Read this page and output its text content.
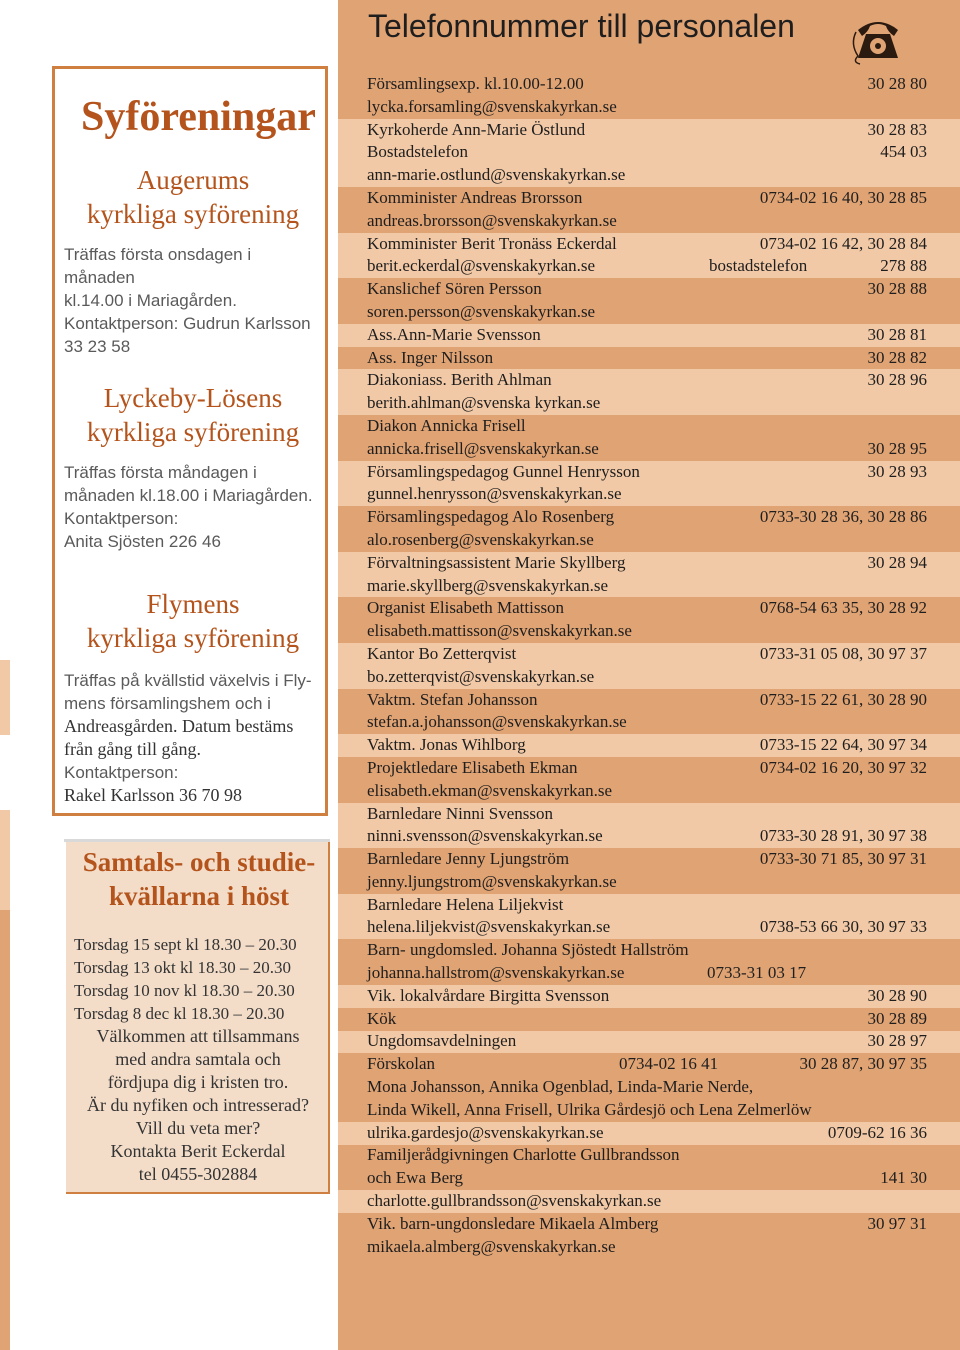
Syföreningar
Augerums
kyrkliga syförening

Träffas första onsdagen i månaden

kl.14.00 i Mariagården.

Kontaktperson: Gudrun Karlsson

33 23 58

Lyckeby-Lösens
kyrkliga syförening

Träffas första måndagen i

månaden kl.18.00 i Mariagården.

Kontaktperson:

Anita Sjösten 226 46

Flymens
kyrkliga syförening

Träffas på kvällstid växelvis i Fly-

mens församlingshem och i

Andreasgården. Datum bestäms

från gång till gång.

Kontaktperson:

Rakel Karlsson 36 70 98

Samtals- och studie-
kvällarna i höst
Torsdag 15 sept kl 18.30 – 20.30
Torsdag 13 okt kl 18.30 – 20.30
Torsdag 10 nov kl 18.30 – 20.30
Torsdag 8 dec kl 18.30 – 20.30

Välkommen att tillsammans
med andra samtala och
fördjupa dig i kristen tro.
Är du nyfiken och intresserad?
Vill du veta mer?
Kontakta Berit Eckerdal
tel 0455-302884

Telefonnummer till personalen
Församlingsexp. kl.10.00-12.00	30 28 80
lycka.forsamling@svenskakyrkan.se
Kyrkoherde Ann-Marie Östlund	30 28 83
Bostadstelefon	454 03
ann-marie.ostlund@svenskakyrkan.se
Komminister Andreas Brorsson	0734-02 16 40, 30 28 85
andreas.brorsson@svenskakyrkan.se
Komminister Berit Tronäss Eckerdal	0734-02 16 42, 30 28 84
berit.eckerdal@svenskakyrkan.se	bostadstelefon	278 88
Kanslichef Sören Persson	30 28 88
soren.persson@svenskakyrkan.se
Ass.Ann-Marie Svensson	30 28 81
Ass. Inger Nilsson	30 28 82
Diakoniass. Berith Ahlman	30 28 96
berith.ahlman@svenska kyrkan.se
Diakon Annicka Frisell
annicka.frisell@svenskakyrkan.se	30 28 95
Församlingspedagog Gunnel Henrysson	30 28 93
gunnel.henrysson@svenskakyrkan.se
Församlingspedagog Alo Rosenberg	0733-30 28 36, 30 28 86
alo.rosenberg@svenskakyrkan.se
Förvaltningsassistent Marie Skyllberg	30 28 94
marie.skyllberg@svenskakyrkan.se
Organist Elisabeth Mattisson	0768-54 63 35, 30 28 92
elisabeth.mattisson@svenskakyrkan.se
Kantor Bo Zetterqvist	0733-31 05 08, 30 97 37
bo.zetterqvist@svenskakyrkan.se
Vaktm. Stefan Johansson	0733-15 22 61, 30 28 90
stefan.a.johansson@svenskakyrkan.se
Vaktm. Jonas Wihlborg	0733-15 22 64, 30 97 34
Projektledare Elisabeth Ekman	0734-02 16 20, 30 97 32
elisabeth.ekman@svenskakyrkan.se
Barnledare Ninni Svensson
ninni.svensson@svenskakyrkan.se	0733-30 28 91, 30 97 38
Barnledare Jenny Ljungström	0733-30 71 85, 30 97 31
jenny.ljungstrom@svenskakyrkan.se
Barnledare Helena Liljekvist
helena.liljekvist@svenskakyrkan.se	0738-53 66 30, 30 97 33
Barn- ungdomsled. Johanna Sjöstedt Hallström
johanna.hallstrom@svenskakyrkan.se	0733-31 03 17
Vik. lokalvårdare Birgitta Svensson	30 28 90
Kök	30 28 89
Ungdomsavdelningen	30 28 97
Förskolan	0734-02 16 41	30 28 87, 30 97 35
Mona Johansson, Annika Ogenblad, Linda-Marie Nerde,
Linda Wikell, Anna Frisell, Ulrika Gårdesjö och Lena Zelmerlöw
ulrika.gardesjo@svenskakyrkan.se	0709-62 16 36
Familjerådgivningen Charlotte Gullbrandsson
och Ewa Berg	141 30
charlotte.gullbrandsson@svenskakyrkan.se
Vik. barn-ungdonsledare Mikaela Almberg	30 97 31
mikaela.almberg@svenskakyrkan.se
